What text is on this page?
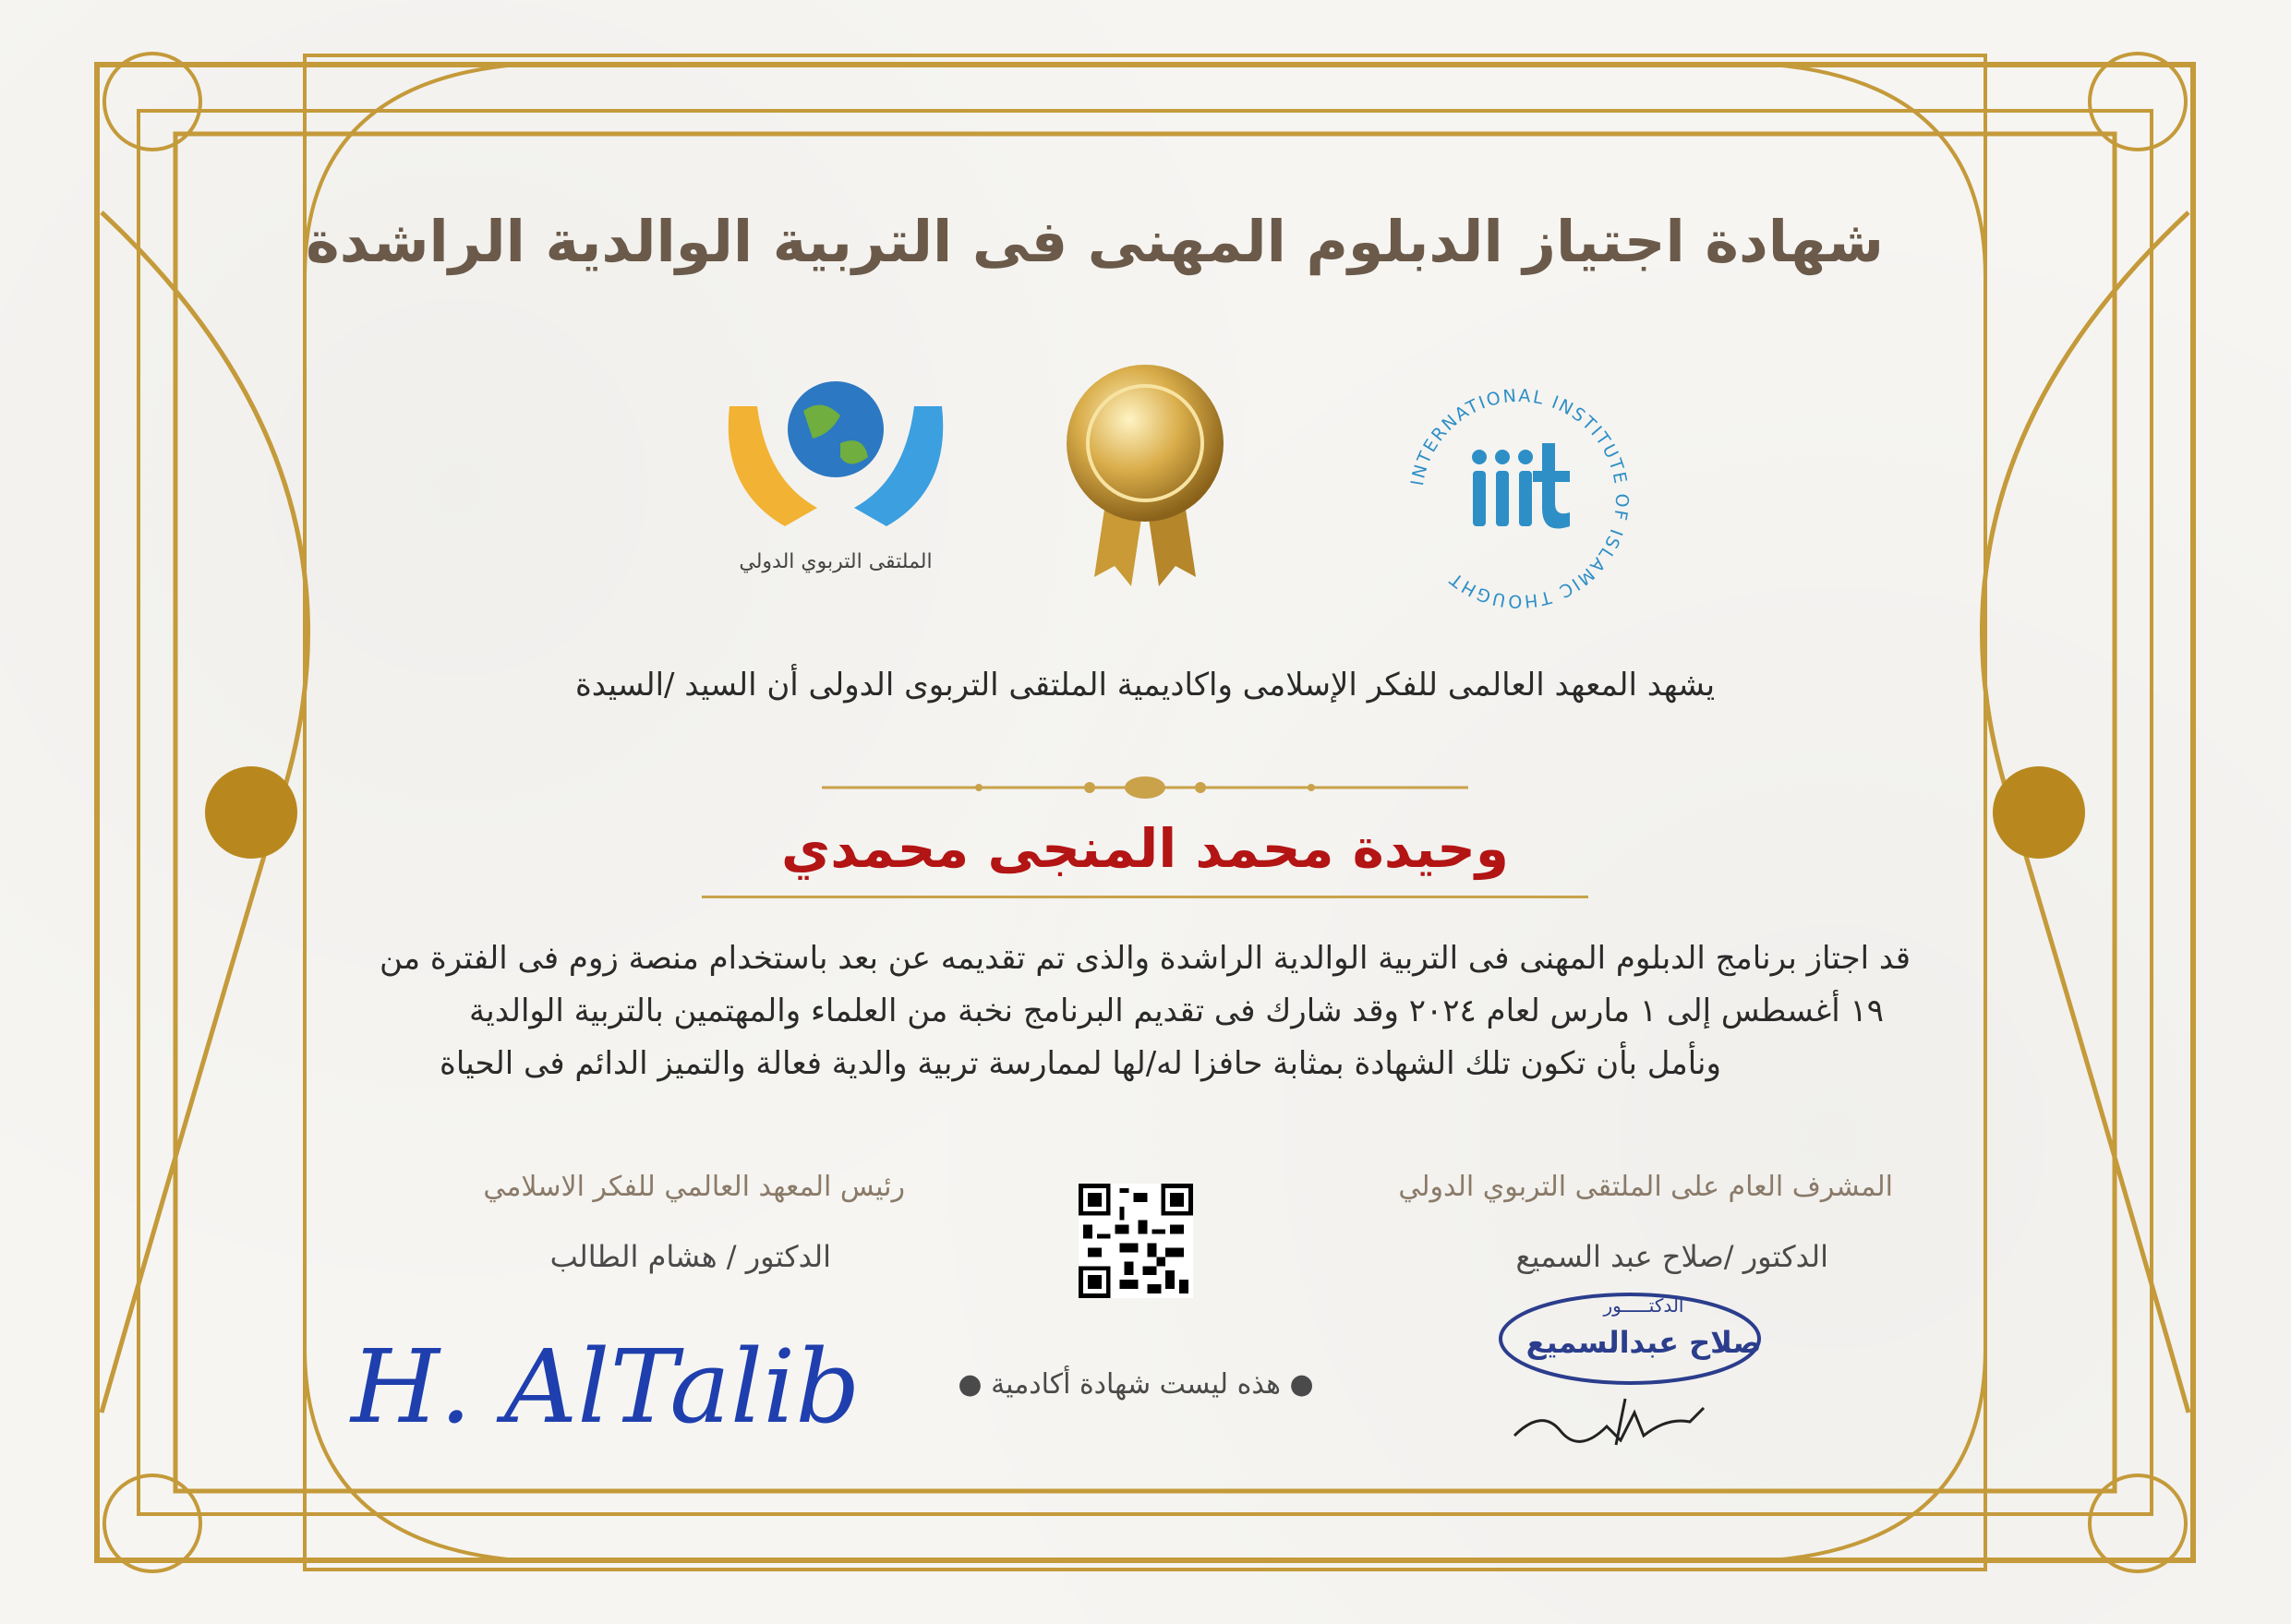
شهادة اجتياز الدبلوم المهنى فى التربية الوالدية الراشدة
INTERNATIONAL INSTITUTE OF ISLAMIC THOUGHT
الملتقى التربوي الدولي
يشهد المعهد العالمى للفكر الإسلامى واكاديمية الملتقى التربوى الدولى أن السيد /السيدة
وحيدة محمد المنجى محمدي
قد اجتاز برنامج الدبلوم المهنى فى التربية الوالدية الراشدة والذى تم تقديمه عن بعد باستخدام منصة زوم فى الفترة من
١٩ أغسطس إلى ١ مارس لعام ٢٠٢٤ وقد شارك فى تقديم البرنامج نخبة من العلماء والمهتمين بالتربية الوالدية
ونأمل بأن تكون تلك الشهادة بمثابة حافزا له/لها لممارسة تربية والدية فعالة والتميز الدائم فى الحياة
المشرف العام على الملتقى التربوي الدولي
الدكتور /صلاح عبد السميع
الدكتـــــور
صلاح عبدالسميع
● هذه ليست شهادة أكادمية ●
رئيس المعهد العالمي للفكر الاسلامي
الدكتور / هشام الطالب
H. AlTalib
